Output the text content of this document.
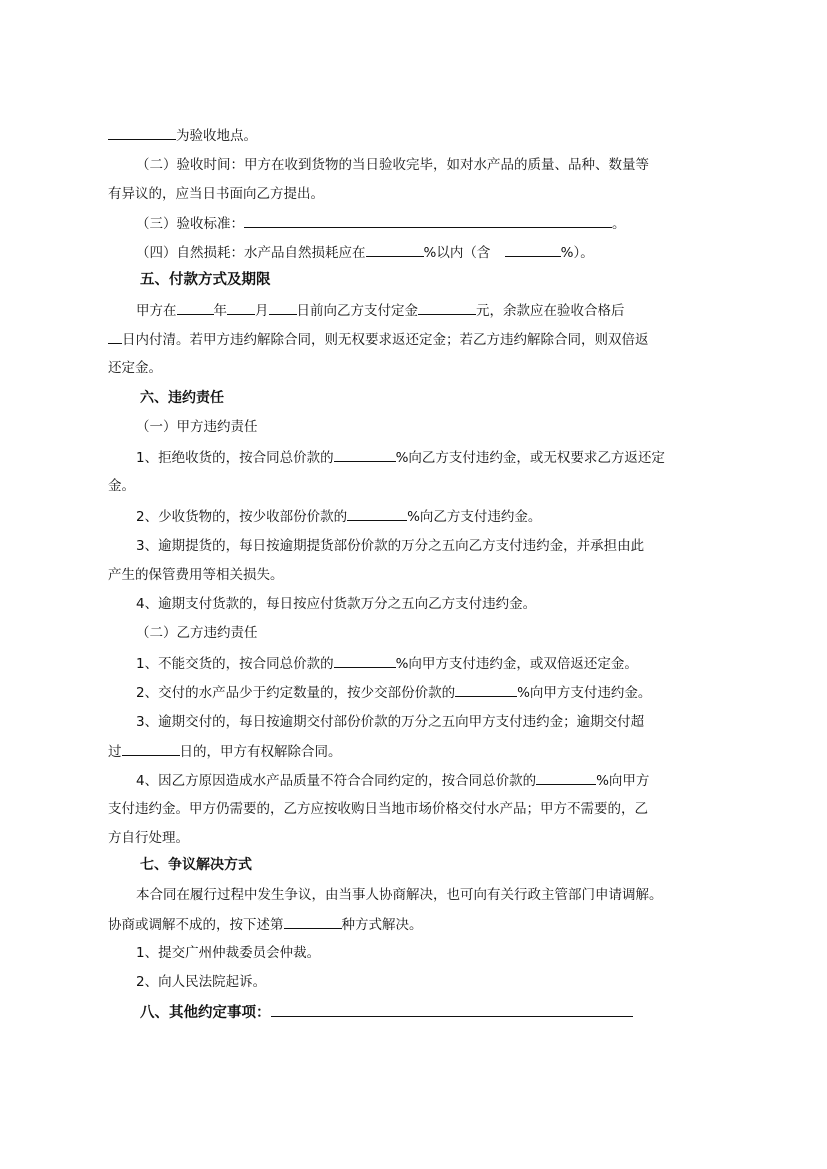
为验收地点。

（二）验收时间：甲方在收到货物的当日验收完毕，如对水产品的质量、品种、数量等

有异议的，应当日书面向乙方提出。

（三）验收标准：	。

（四）自然损耗：水产品自然损耗应在	%以内（含	%）。

五、付款方式及期限

甲方在	年 月 日前向乙方支付定金	元，余款应在验收合格后

日内付清。若甲方违约解除合同，则无权要求返还定金；若乙方违约解除合同，则双倍返

还定金。

六、违约责任

（一）甲方违约责任

1、拒绝收货的，按合同总价款的	%向乙方支付违约金，或无权要求乙方返还定

金。

2、少收货物的，按少收部份价款的	%向乙方支付违约金。

3、逾期提货的，每日按逾期提货部份价款的万分之五向乙方支付违约金，并承担由此

产生的保管费用等相关损失。

4、逾期支付货款的，每日按应付货款万分之五向乙方支付违约金。

（二）乙方违约责任

1、不能交货的，按合同总价款的	%向甲方支付违约金，或双倍返还定金。

2、交付的水产品少于约定数量的，按少交部份价款的	%向甲方支付违约金。

3、逾期交付的，每日按逾期交付部份价款的万分之五向甲方支付违约金；逾期交付超

过	日的，甲方有权解除合同。

4、因乙方原因造成水产品质量不符合合同约定的，按合同总价款的	%向甲方

支付违约金。甲方仍需要的，乙方应按收购日当地市场价格交付水产品；甲方不需要的，乙

方自行处理。

七、争议解决方式

本合同在履行过程中发生争议，由当事人协商解决，也可向有关行政主管部门申请调解。

协商或调解不成的，按下述第	种方式解决。

1、提交广州仲裁委员会仲裁。

2、向人民法院起诉。

八、其他约定事项：
